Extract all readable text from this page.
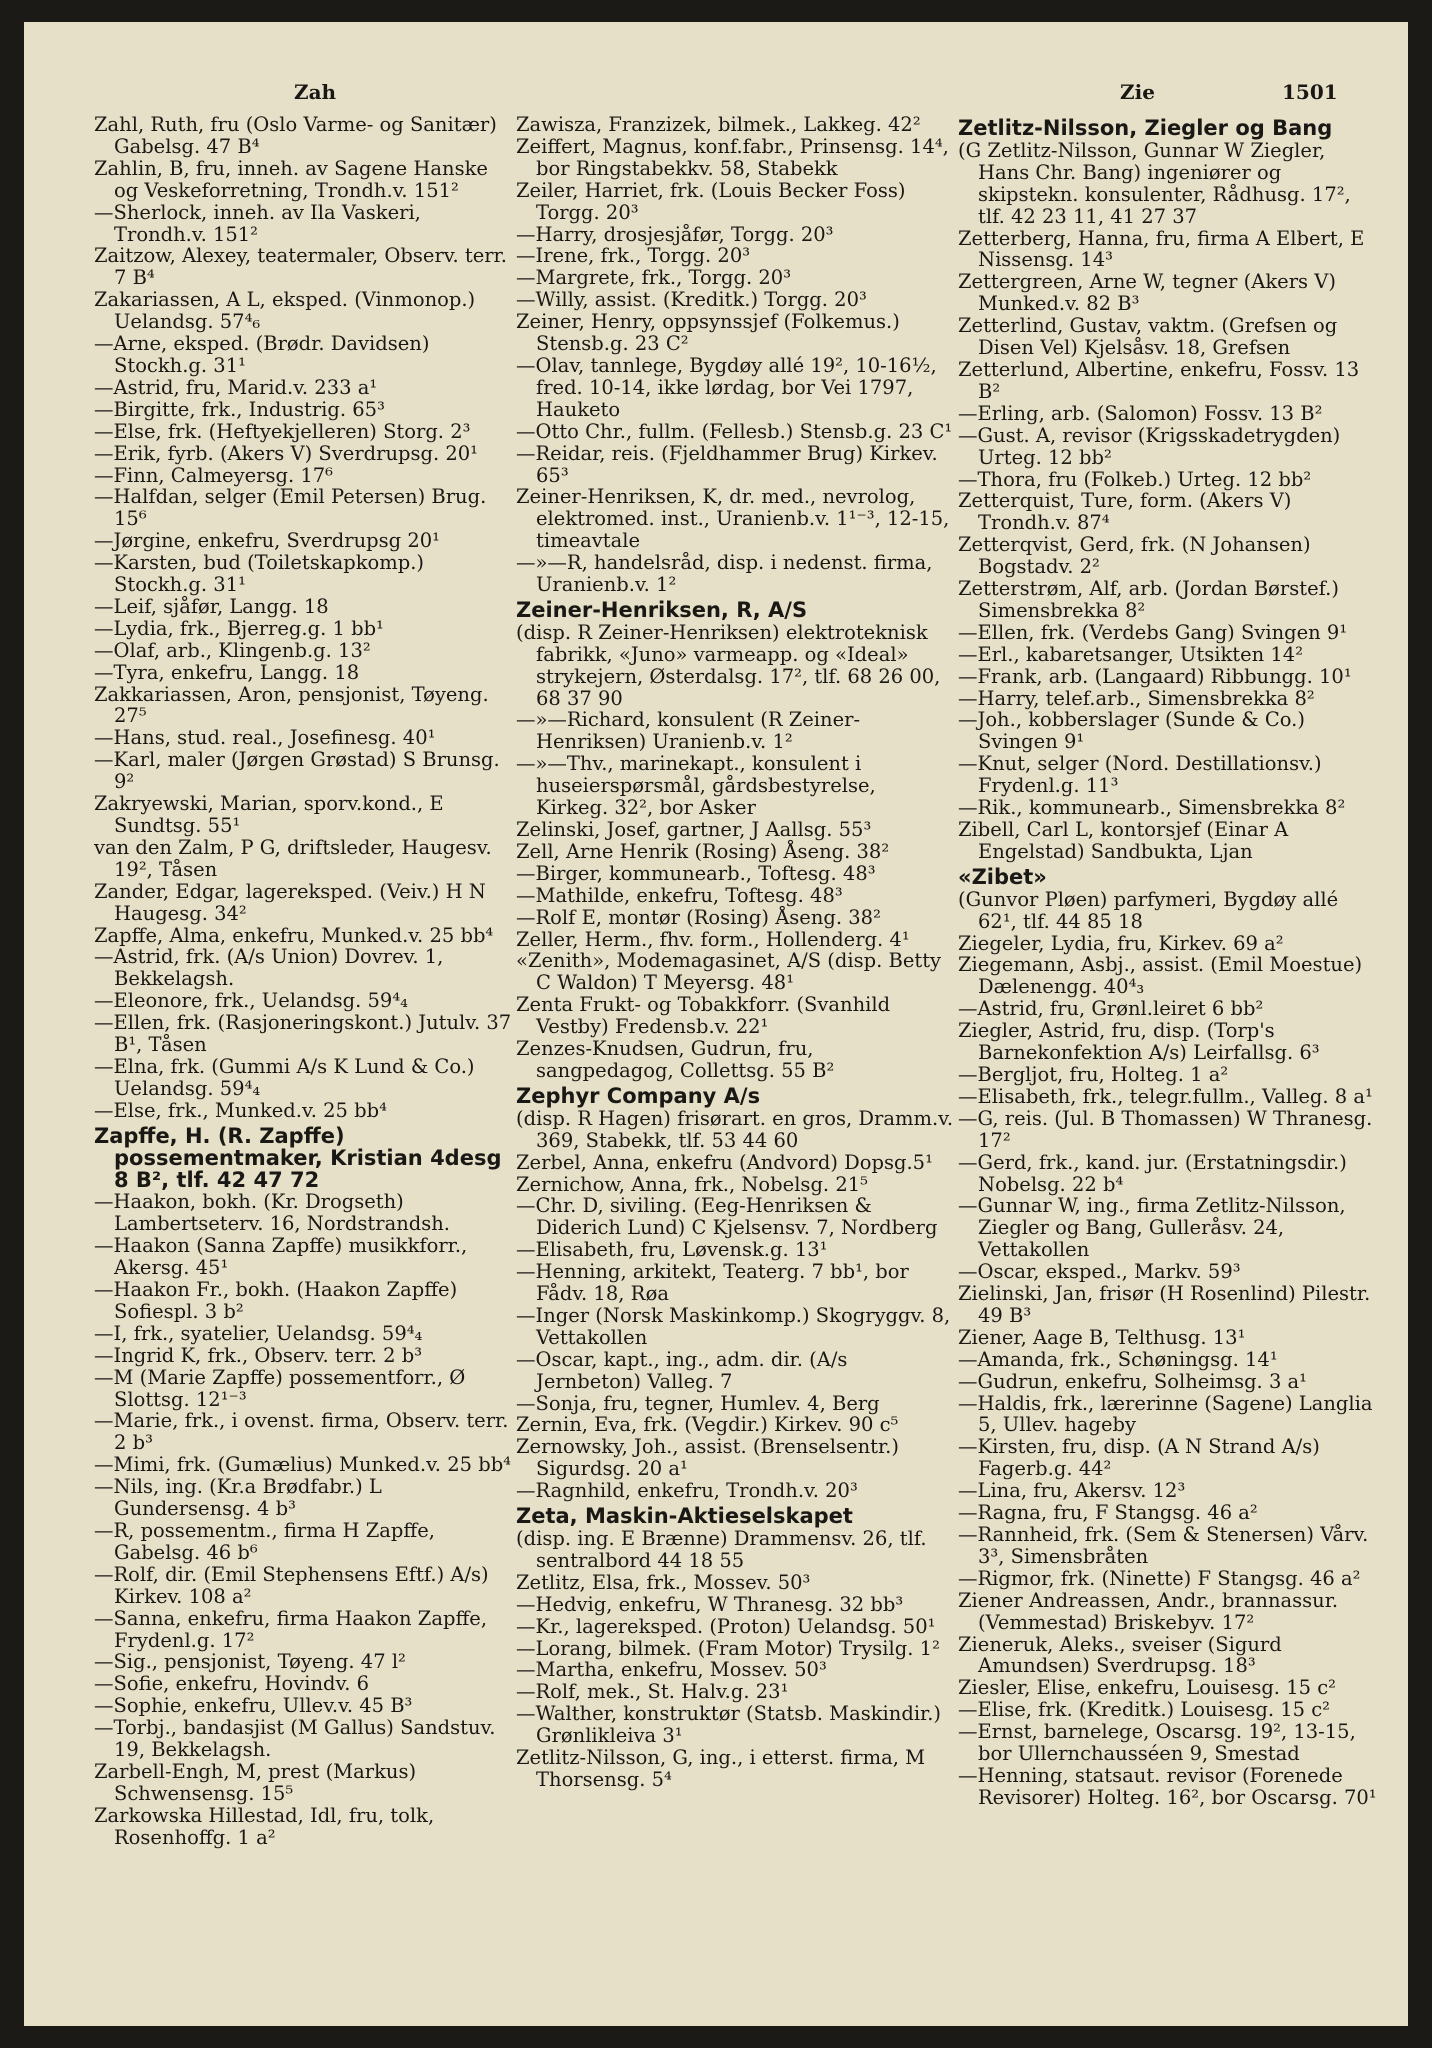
Zah	Zie	1501

Zahl, Ruth, fru (Oslo Varme- og Sanitær) Gabelsg. 47 B⁴

Zahlin, B, fru, inneh. av Sagene Hanske og Veskeforretning, Trondh.v. 151²

—Sherlock, inneh. av Ila Vaskeri, Trondh.v. 151²

Zaitzow, Alexey, teatermaler, Observ. terr. 7 B⁴

Zakariassen, A L, eksped. (Vinmonop.) Uelandsg. 57⁴₆

—Arne, eksped. (Brødr. Davidsen) Stockh.g. 31¹

—Astrid, fru, Marid.v. 233 a¹

—Birgitte, frk., Industrig. 65³

—Else, frk. (Heftyekjelleren) Storg. 2³

—Erik, fyrb. (Akers V) Sverdrupsg. 20¹

—Finn, Calmeyersg. 17⁶

—Halfdan, selger (Emil Petersen) Brug. 15⁶

—Jørgine, enkefru, Sverdrupsg 20¹

—Karsten, bud (Toiletskapkomp.) Stockh.g. 31¹

—Leif, sjåfør, Langg. 18

—Lydia, frk., Bjerreg.g. 1 bb¹

—Olaf, arb., Klingenb.g. 13²

—Tyra, enkefru, Langg. 18

Zakkariassen, Aron, pensjonist, Tøyeng. 27⁵

—Hans, stud. real., Josefinesg. 40¹

—Karl, maler (Jørgen Grøstad) S Brunsg. 9²

Zakryewski, Marian, sporv.kond., E Sundtsg. 55¹

van den Zalm, P G, driftsleder, Haugesv. 19², Tåsen

Zander, Edgar, lagereksped. (Veiv.) H N Haugesg. 34²

Zapffe, Alma, enkefru, Munked.v. 25 bb⁴

—Astrid, frk. (A/s Union) Dovrev. 1, Bekkelagsh.

—Eleonore, frk., Uelandsg. 59⁴₄

—Ellen, frk. (Rasjoneringskont.) Jutulv. 37 B¹, Tåsen

—Elna, frk. (Gummi A/s K Lund & Co.) Uelandsg. 59⁴₄

—Else, frk., Munked.v. 25 bb⁴

Zapffe, H. (R. Zapffe) possementmaker, Kristian 4desg 8 B², tlf. 42 47 72

—Haakon, bokh. (Kr. Drogseth) Lambertseterv. 16, Nordstrandsh.

—Haakon (Sanna Zapffe) musikkforr., Akersg. 45¹

—Haakon Fr., bokh. (Haakon Zapffe) Sofiespl. 3 b²

—I, frk., syatelier, Uelandsg. 59⁴₄

—Ingrid K, frk., Observ. terr. 2 b³

—M (Marie Zapffe) possementforr., Ø Slottsg. 12¹⁻³

—Marie, frk., i ovenst. firma, Observ. terr. 2 b³

—Mimi, frk. (Gumælius) Munked.v. 25 bb⁴

—Nils, ing. (Kr.a Brødfabr.) L Gundersensg. 4 b³

—R, possementm., firma H Zapffe, Gabelsg. 46 b⁶

—Rolf, dir. (Emil Stephensens Eftf.) A/s) Kirkev. 108 a²

—Sanna, enkefru, firma Haakon Zapffe, Frydenl.g. 17²

—Sig., pensjonist, Tøyeng. 47 l²

—Sofie, enkefru, Hovindv. 6

—Sophie, enkefru, Ullev.v. 45 B³

—Torbj., bandasjist (M Gallus) Sandstuv. 19, Bekkelagsh.

Zarbell-Engh, M, prest (Markus) Schwensensg. 15⁵

Zarkowska Hillestad, Idl, fru, tolk, Rosenhoffg. 1 a²

Zawisza, Franzizek, bilmek., Lakkeg. 42²

Zeiffert, Magnus, konf.fabr., Prinsensg. 14⁴, bor Ringstabekkv. 58, Stabekk

Zeiler, Harriet, frk. (Louis Becker Foss) Torgg. 20³

—Harry, drosjesjåfør, Torgg. 20³

—Irene, frk., Torgg. 20³

—Margrete, frk., Torgg. 20³

—Willy, assist. (Kreditk.) Torgg. 20³

Zeiner, Henry, oppsynssjef (Folkemus.) Stensb.g. 23 C²

—Olav, tannlege, Bygdøy allé 19², 10-16½, fred. 10-14, ikke lørdag, bor Vei 1797, Hauketo

—Otto Chr., fullm. (Fellesb.) Stensb.g. 23 C¹

—Reidar, reis. (Fjeldhammer Brug) Kirkev. 65³

Zeiner-Henriksen, K, dr. med., nevrolog, elektromed. inst., Uranienb.v. 1¹⁻³, 12-15, timeavtale

—»—R, handelsråd, disp. i nedenst. firma, Uranienb.v. 1²

Zeiner-Henriksen, R, A/S

(disp. R Zeiner-Henriksen) elektroteknisk fabrikk, «Juno» varmeapp. og «Ideal» strykejern, Østerdalsg. 17², tlf. 68 26 00, 68 37 90

—»—Richard, konsulent (R Zeiner-Henriksen) Uranienb.v. 1²

—»—Thv., marinekapt., konsulent i huseierspørsmål, gårdsbestyrelse, Kirkeg. 32², bor Asker

Zelinski, Josef, gartner, J Aallsg. 55³

Zell, Arne Henrik (Rosing) Åseng. 38²

—Birger, kommunearb., Toftesg. 48³

—Mathilde, enkefru, Toftesg. 48³

—Rolf E, montør (Rosing) Åseng. 38²

Zeller, Herm., fhv. form., Hollenderg. 4¹

«Zenith», Modemagasinet, A/S (disp. Betty C Waldon) T Meyersg. 48¹

Zenta Frukt- og Tobakkforr. (Svanhild Vestby) Fredensb.v. 22¹

Zenzes-Knudsen, Gudrun, fru, sangpedagog, Collettsg. 55 B²

Zephyr Company A/s

(disp. R Hagen) frisørart. en gros, Dramm.v. 369, Stabekk, tlf. 53 44 60

Zerbel, Anna, enkefru (Andvord) Dopsg.5¹

Zernichow, Anna, frk., Nobelsg. 21⁵

—Chr. D, siviling. (Eeg-Henriksen & Diderich Lund) C Kjelsensv. 7, Nordberg

—Elisabeth, fru, Løvensk.g. 13¹

—Henning, arkitekt, Teaterg. 7 bb¹, bor Fådv. 18, Røa

—Inger (Norsk Maskinkomp.) Skogryggv. 8, Vettakollen

—Oscar, kapt., ing., adm. dir. (A/s Jernbeton) Valleg. 7

—Sonja, fru, tegner, Humlev. 4, Berg

Zernin, Eva, frk. (Vegdir.) Kirkev. 90 c⁵

Zernowsky, Joh., assist. (Brenselsentr.) Sigurdsg. 20 a¹

—Ragnhild, enkefru, Trondh.v. 20³

Zeta, Maskin-Aktieselskapet

(disp. ing. E Brænne) Drammensv. 26, tlf. sentralbord 44 18 55

Zetlitz, Elsa, frk., Mossev. 50³

—Hedvig, enkefru, W Thranesg. 32 bb³

—Kr., lagereksped. (Proton) Uelandsg. 50¹

—Lorang, bilmek. (Fram Motor) Trysilg. 1²

—Martha, enkefru, Mossev. 50³

—Rolf, mek., St. Halv.g. 23¹

—Walther, konstruktør (Statsb. Maskindir.) Grønlikleiva 3¹

Zetlitz-Nilsson, G, ing., i etterst. firma, M Thorsensg. 5⁴

Zetlitz-Nilsson, Ziegler og Bang

(G Zetlitz-Nilsson, Gunnar W Ziegler, Hans Chr. Bang) ingeniører og skipstekn. konsulenter, Rådhusg. 17², tlf. 42 23 11, 41 27 37

Zetterberg, Hanna, fru, firma A Elbert, E Nissensg. 14³

Zettergreen, Arne W, tegner (Akers V) Munked.v. 82 B³

Zetterlind, Gustav, vaktm. (Grefsen og Disen Vel) Kjelsåsv. 18, Grefsen

Zetterlund, Albertine, enkefru, Fossv. 13 B²

—Erling, arb. (Salomon) Fossv. 13 B²

—Gust. A, revisor (Krigsskadetrygden) Urteg. 12 bb²

—Thora, fru (Folkeb.) Urteg. 12 bb²

Zetterquist, Ture, form. (Akers V) Trondh.v. 87⁴

Zetterqvist, Gerd, frk. (N Johansen) Bogstadv. 2²

Zetterstrøm, Alf, arb. (Jordan Børstef.) Simensbrekka 8²

—Ellen, frk. (Verdebs Gang) Svingen 9¹

—Erl., kabaretsanger, Utsikten 14²

—Frank, arb. (Langaard) Ribbungg. 10¹

—Harry, telef.arb., Simensbrekka 8²

—Joh., kobberslager (Sunde & Co.) Svingen 9¹

—Knut, selger (Nord. Destillationsv.) Frydenl.g. 11³

—Rik., kommunearb., Simensbrekka 8²

Zibell, Carl L, kontorsjef (Einar A Engelstad) Sandbukta, Ljan

«Zibet»

(Gunvor Pløen) parfymeri, Bygdøy allé 62¹, tlf. 44 85 18

Ziegeler, Lydia, fru, Kirkev. 69 a²

Ziegemann, Asbj., assist. (Emil Moestue) Dælenengg. 40⁴₃

—Astrid, fru, Grønl.leiret 6 bb²

Ziegler, Astrid, fru, disp. (Torp's Barnekonfektion A/s) Leirfallsg. 6³

—Bergljot, fru, Holteg. 1 a²

—Elisabeth, frk., telegr.fullm., Valleg. 8 a¹

—G, reis. (Jul. B Thomassen) W Thranesg. 17²

—Gerd, frk., kand. jur. (Erstatningsdir.) Nobelsg. 22 b⁴

—Gunnar W, ing., firma Zetlitz-Nilsson, Ziegler og Bang, Gulleråsv. 24, Vettakollen

—Oscar, eksped., Markv. 59³

Zielinski, Jan, frisør (H Rosenlind) Pilestr. 49 B³

Ziener, Aage B, Telthusg. 13¹

—Amanda, frk., Schøningsg. 14¹

—Gudrun, enkefru, Solheimsg. 3 a¹

—Haldis, frk., lærerinne (Sagene) Langlia 5, Ullev. hageby

—Kirsten, fru, disp. (A N Strand A/s) Fagerb.g. 44²

—Lina, fru, Akersv. 12³

—Ragna, fru, F Stangsg. 46 a²

—Rannheid, frk. (Sem & Stenersen) Vårv. 3³, Simensbråten

—Rigmor, frk. (Ninette) F Stangsg. 46 a²

Ziener Andreassen, Andr., brannassur. (Vemmestad) Briskebyv. 17²

Zieneruk, Aleks., sveiser (Sigurd Amundsen) Sverdrupsg. 18³

Ziesler, Elise, enkefru, Louisesg. 15 c²

—Elise, frk. (Kreditk.) Louisesg. 15 c²

—Ernst, barnelege, Oscarsg. 19², 13-15, bor Ullernchausséen 9, Smestad

—Henning, statsaut. revisor (Forenede Revisorer) Holteg. 16², bor Oscarsg. 70¹
